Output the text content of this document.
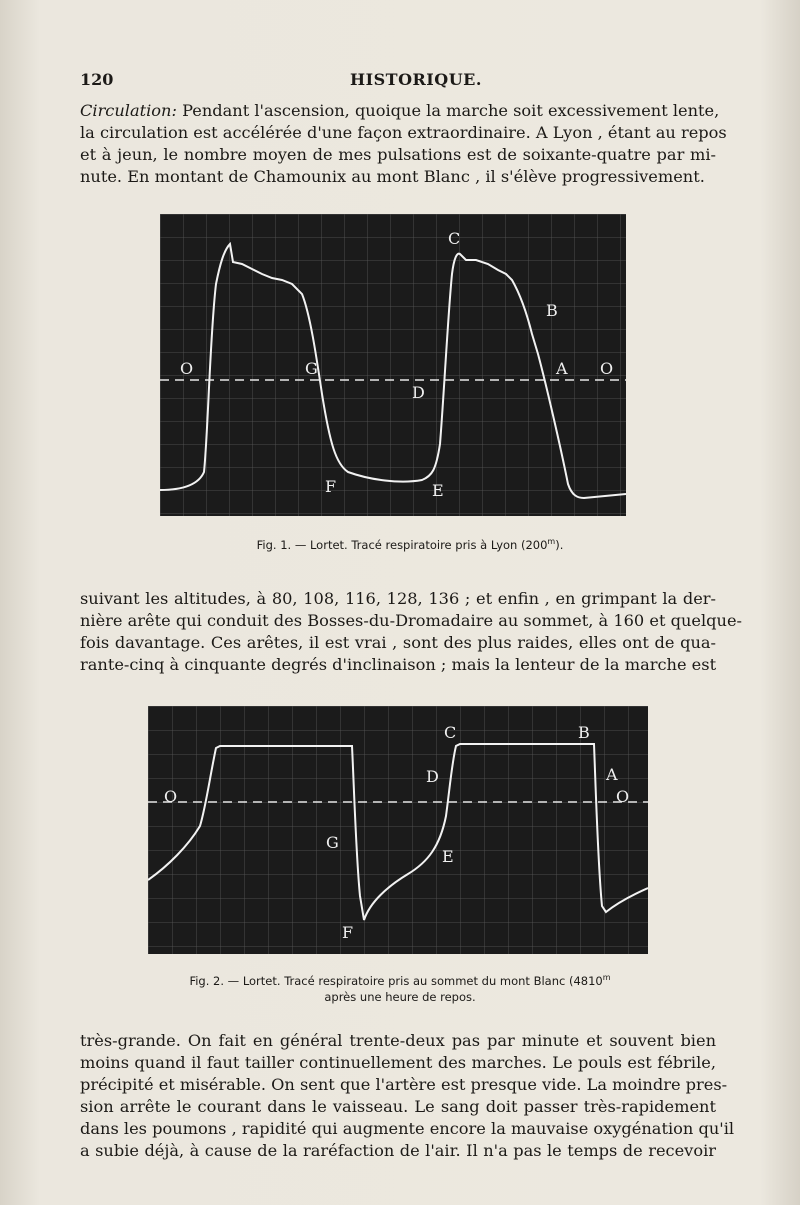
120	HISTORIQUE.
Circulation: Pendant l'ascension, quoique la marche soit excessivement lente,
la circulation est accélérée d'une façon extraordinaire. A Lyon , étant au repos
et à jeun, le nombre moyen de mes pulsations est de soixante-quatre par mi-
nute. En montant de Chamounix au mont Blanc , il s'élève progressivement.
O	G
C
B
D
A O
F	E
Fig. 1. — Lortet. Tracé respiratoire pris à Lyon (200$^m$).
suivant les altitudes, à 80, 108, 116, 128, 136 ; et enfin , en grimpant la der-
nière arête qui conduit des Bosses-du-Dromadaire au sommet, à 160 et quelque-
fois davantage. Ces arêtes, il est vrai , sont des plus raides, elles ont de qua-
rante-cinq à cinquante degrés d'inclinaison ; mais la lenteur de la marche est
O
C	B
D	A
O
G
E
F
Fig. 2. — Lortet. Tracé respiratoire pris au sommet du mont Blanc (4810$^m$
après une heure de repos.
très-grande. On fait en général trente-deux pas par minute et souvent bien
moins quand il faut tailler continuellement des marches. Le pouls est fébrile,
précipité et misérable. On sent que l'artère est presque vide. La moindre pres-
sion arrête le courant dans le vaisseau. Le sang doit passer très-rapidement
dans les poumons , rapidité qui augmente encore la mauvaise oxygénation qu'il
a subie déjà, à cause de la raréfaction de l'air. Il n'a pas le temps de recevoir
